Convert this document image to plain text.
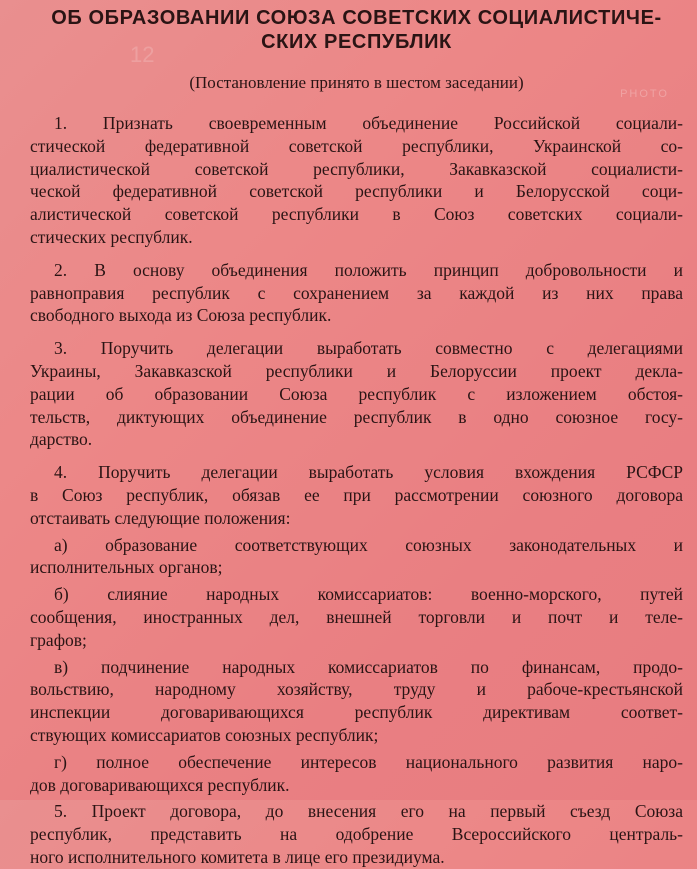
12
PHOTO
ОБ ОБРАЗОВАНИИ СОЮЗА СОВЕТСКИХ СОЦИАЛИСТИЧЕ-
СКИХ РЕСПУБЛИК
(Постановление принято в шестом заседании)
1. Признать своевременным объединение Российской социали-
стической федеративной советской республики, Украинской со-
циалистической советской республики, Закавказской социалисти-
ческой федеративной советской республики и Белорусской соци-
алистической советской республики в Союз советских социали-
стических республик.
2. В основу объединения положить принцип добровольности и
равноправия республик с сохранением за каждой из них права
свободного выхода из Союза республик.
3. Поручить делегации выработать совместно с делегациями
Украины, Закавказской республики и Белоруссии проект декла-
рации об образовании Союза республик с изложением обстоя-
тельств, диктующих объединение республик в одно союзное госу-
дарство.
4. Поручить делегации выработать условия вхождения РСФСР
в Союз республик, обязав ее при рассмотрении союзного договора
отстаивать следующие положения:
а) образование соответствующих союзных законодательных и
исполнительных органов;
б) слияние народных комиссариатов: военно-морского, путей
сообщения, иностранных дел, внешней торговли и почт и теле-
графов;
в) подчинение народных комиссариатов по финансам, продо-
вольствию, народному хозяйству, труду и рабоче-крестьянской
инспекции договаривающихся республик директивам соответ-
ствующих комиссариатов союзных республик;
г) полное обеспечение интересов национального развития наро-
дов договаривающихся республик.
5. Проект договора, до внесения его на первый съезд Союза
республик, представить на одобрение Всероссийского централь-
ного исполнительного комитета в лице его президиума.
